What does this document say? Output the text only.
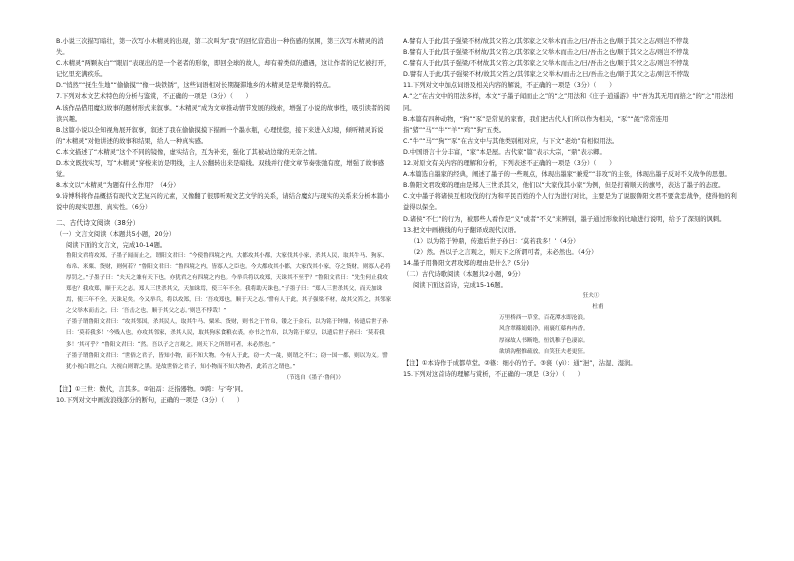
B.小说三次描写暗壮，第一次写小木精灵的出现，第二次叫为“我”的回忆营造出一种伤感的氛围，第三次写木精灵的消失。

C.木精灵“两颗灰白”“眼眉”表现出的是一个老者的形象，即回全球的故人，却有着类似的遭遇，这让作者的记忆被打开，记忆里充满疾乐。

D.“悄然”“抚生生地”“偷偷摸”“像一块铁锈”，这些词语相对长期凝滞地乡的木精灵是是卑微的特点。

7.下列对本文艺术特色的分析与鉴赏，不正确的一项是（3分）（　　）

A.该作品借用魔幻故事的题材形式来叙事。“木精灵”成为文章推动情节发展的线索，增强了小说的故事性，吸引读者的阅读兴趣。

B.这篇小说以全知视角展开叙事，叙述了我在偷偷摸摸下描画一个墨水瓶，心理恍惚，接下来进入幻境，倾听精灵诉说的“木精灵”对他讲述的故事和结果，给人一种真实感。

C.本文描述了“木精灵”这个不同的镜像，虚实结合，互为补充，强化了其被动边缘的无奈之情。

D.本文既找实写，写“木精灵”穿梭来访是明线，主人公翻转出来是暗线。双线并行使文章节奏张弛有度，增强了故事感觉。

8.本文以“木精灵”为题有什么作用？（4分）

9.诗博科将作品概括有现代文艺复兴的元素，又像翻了很那听观文艺文学的关系，请结合魔幻与现实的关系来分析本篇小说中的现实思想、真实性。（6分）

二、古代诗文阅读（38分）

（一）文言文阅读（本题共5小题，20分）

阅读下面的文言文，完成10-14题。

鲁阳文君将攻郑，子墨子闻而止之，谓阳文君曰：“今使鲁四境之内，大都攻其小都，大家伐其小家，杀其人民，取其牛马、狗豕、布帛、米粟、货财，则何若？”鲁阳文君曰：“鲁四境之内，皆寡人之臣也。今大都攻其小都，大家伐其小家，夺之货财，则寡人必将厚罚之。”子墨子曰：“夫天之兼有天下也，亦犹君之有四境之内也。今举兵将以攻郑，天诛其不至乎？”鲁阳文君曰：“先生何止我攻郑也？我攻郑，顺于天之志。郑人三世杀其父，天加诛焉，使三年不全。我将助天诛也。”子墨子曰：“郑人三世杀其父，而天加诛焉，使三年不全，天诛足矣。今又举兵，将以攻郑，曰：‘吾攻郑也，顺于天之志。’譬有人于此，其子强梁不材，故其父笞之，其邻家之父举木而击之，曰：‘吾击之也，顺于其父之志。’则岂不悖哉！”

子墨子谓鲁阳文君曰：“攻其邻国，杀其民人，取其牛马、粟米、货财，则书之于竹帛，镂之于金石，以为铭于钟鼎，传遗后世子孙曰：‘莫若我多！’今贱人也，亦攻其邻家，杀其人民，取其狗豕食粮衣裘，亦书之竹帛，以为铭于席豆，以遗后世子孙曰：‘莫若我多！’其可乎？”鲁阳文君曰：“然。吾以子之言观之，则天下之所谓可者，未必然也。”

子墨子谓鲁阳文君曰：“世俗之君子，皆知小物，而不知大物。今有人于此，窃一犬一彘，则谓之不仁；窃一国一都，则以为义。譬犹小视白谓之白，大视白则谓之黑。是故世俗之君子，知小物而不知大物者，此若言之谓也。”

（节选自《墨子·鲁问》）

【注】①三世：数代，言其多。②钮鬲：泛指器物。③跨：与‘夸’同。

10.下列对文中画波浪线部分的断句，正确的一项是（3分）（　　）

A.譬有人于此/其子强梁不材/故其父笞之/其邻家之父举木而击之/曰/吾击之也/顺于其父之志/则岂不悖哉

B.譬有人于此/其子强梁不材故/其父笞之/其邻家之父举木而击之/曰/吾击之也/顺于其父之志/则岂不悖哉

C.譬有人于此/其子强梁/不材故其父笞之/其邻家之父举木而击之/曰/吾击之也/顺于其父之志/则岂不悖哉

D.譬有人于此/其子强梁不材/故其父笞之/其邻家之父举木/而击之曰/吾击之也/顺于其父之志/则岂不悖哉

11.下列对文中加点词语及相关内容的解说，不正确的一项是（3分）（　　）

A.“之”在古文中的用法多样，本文“子墨子闻而止之”的“之”用法和《庄子·逍遥游》中“吾为其无用而掊之”的“之”用法相同。

B.本篇有四种动物，“狗”“豕”是常见的家畜，我们把古代人们所以作为相关，“豕”“彘”常常连用指“猪”“马”“牛”“羊”“鸡”“狗”五类。

C.“牛”“马”“狗”“豕”在古文中与其他类别相对应，与下文“老幼”有相似用法。

D.中国语言十分丰富，“家”本是屋。古代家“篇”表示大宗，“鼎”表示卿。

12.对原文有关内容的理解和分析，下列表述不正确的一项是（3分）（　　）

A.本篇选自墨家的经典，阐述了墨子的一些观点，体现出墨家“兼爱”“非攻”的主张，体现出墨子反对不义战争的思想。

B.鲁阳文君攻郑的理由是郑人三世杀其父，他们以“大家伐其小家”为例，但是打着顺天的旗号，表达了墨子的态度。

C.文中墨子将诸侯互相攻伐的行为和平民百姓的个人行为进行对比，主要是为了说服鲁阳文君不要贪恋战争，使得他的利益得以保全。

D.诸侯“不仁”的行为，被那些人看作是“义”或者“不义”来辨别，墨子通过形象的比喻进行说明，给予了深刻的讽刺。

13.把文中画横线的句子翻译成现代汉语。

（1）以为铭于钟鼎，传遗后世子孙曰：‘莫若我多！’（4分）

（2）然。吾以子之言观之，则天下之所谓可者，未必然也。（4分）

14.墨子用鲁阳文君攻郑的理由是什么？(5分)

（二）古代诗歌阅读（本题共2小题，9分）

阅读下面这首诗，完成15-16题。

狂夫①

杜甫

万里桥西一草堂，百花潭水即沧浪。

风含翠篠娟娟净，雨裛红蕖冉冉香。

厚禄故人书断绝，恒饥稚子色凄凉。

欲填沟壑惟疏放，自笑狂夫老更狂。

【注】①本诗作于成都草堂。②篠：细小的竹子。③裛（yì）：通“浥”，沾湿、湿润。

15.下列对这首诗的理解与赏析，不正确的一项是（3分）（　　）
